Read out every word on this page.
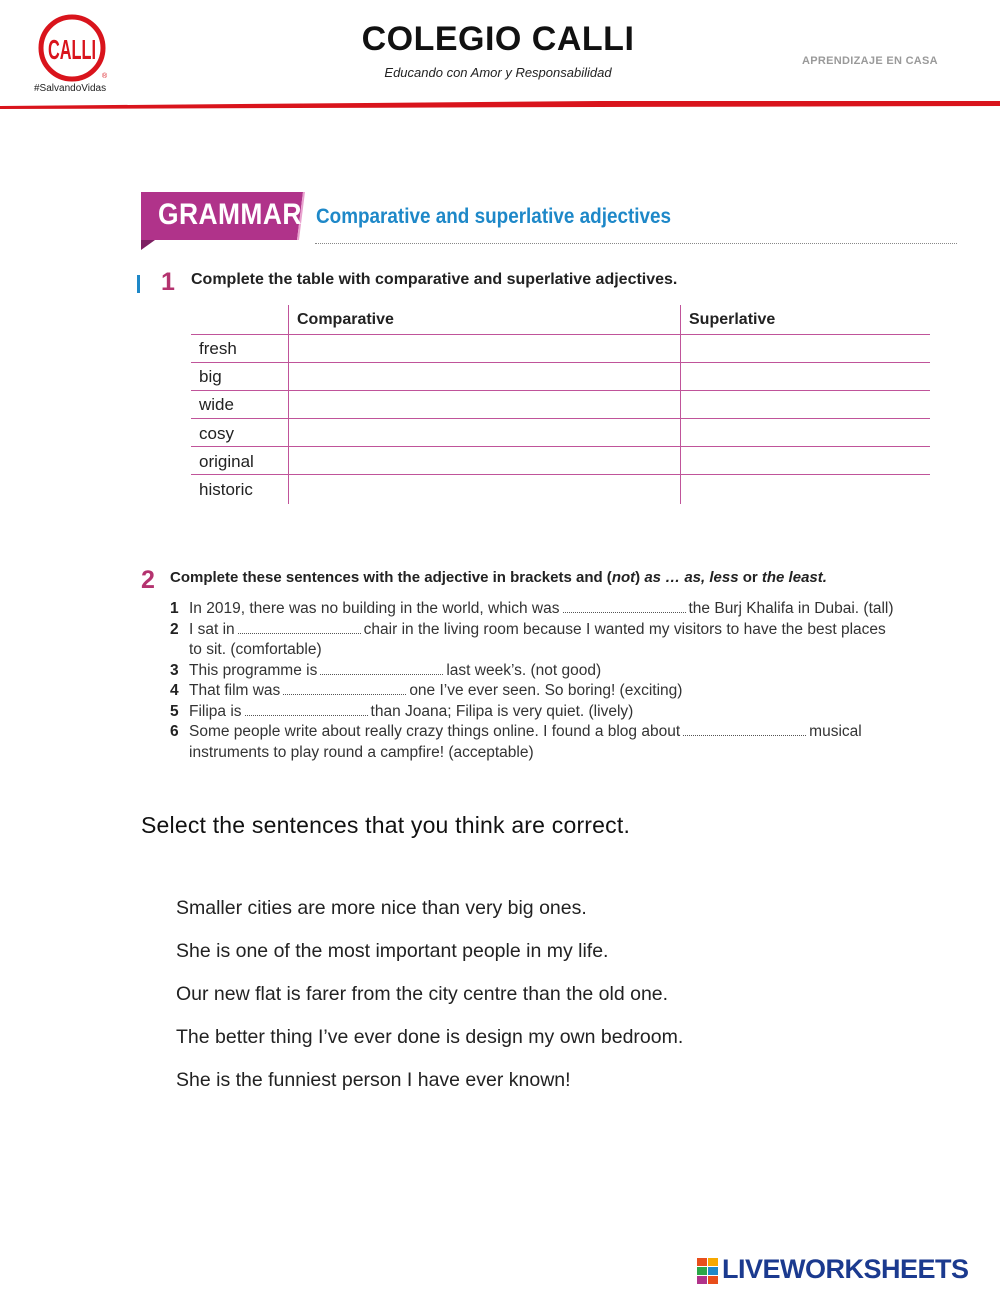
CALLI
®
#SalvandoVidas
COLEGIO CALLI
Educando con Amor y Responsabilidad
APRENDIZAJE EN CASA
GRAMMAR Comparative and superlative adjectives
1 Complete the table with comparative and superlative adjectives.
Comparative	Superlative
fresh
big
wide
cosy
original
historic
2 Complete these sentences with the adjective in brackets and (not) as … as, less or the least.
1 In 2019, there was no building in the world, which was	the Burj Khalifa in Dubai. (tall)
2 I sat in	chair in the living room because I wanted my visitors to have the best places
to sit. (comfortable)
3 This programme is	last week’s. (not good)
4 That film was	one I’ve ever seen. So boring! (exciting)
5 Filipa is	than Joana; Filipa is very quiet. (lively)
6 Some people write about really crazy things online. I found a blog about	musical
instruments to play round a campfire! (acceptable)
Select the sentences that you think are correct.
Smaller cities are more nice than very big ones.
She is one of the most important people in my life.
Our new flat is farer from the city centre than the old one.
The better thing I’ve ever done is design my own bedroom.
She is the funniest person I have ever known!
LIVEWORKSHEETS
